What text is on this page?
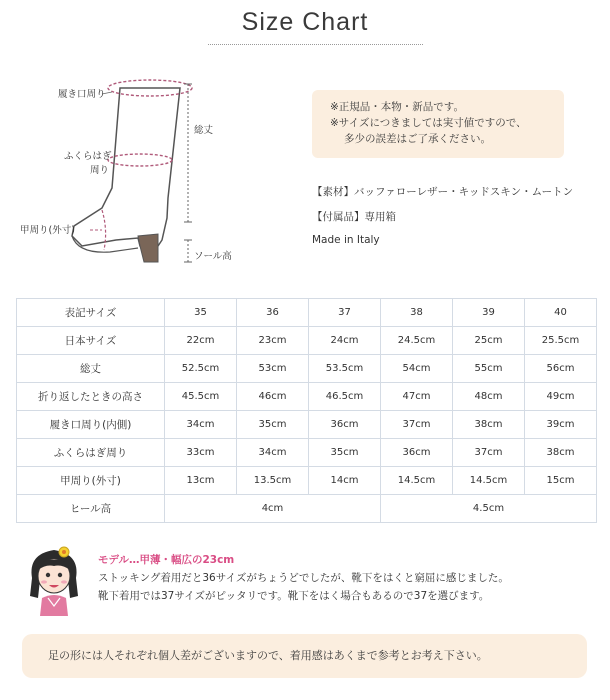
Size Chart
履き口周り
ふくらはぎ
周り
総丈
甲周り(外寸)
ソール高
※正規品・本物・新品です。
※サイズにつきましては実寸値ですので、
多少の誤差はご了承ください。
【素材】バッファローレザー・キッドスキン・ムートン
【付属品】専用箱
Made in Italy
表記サイズ	35	36	37	38	39	40
日本サイズ	22cm	23cm	24cm	24.5cm	25cm	25.5cm
総丈	52.5cm	53cm	53.5cm	54cm	55cm	56cm
折り返したときの高さ	45.5cm	46cm	46.5cm	47cm	48cm	49cm
履き口周り(内側)	34cm	35cm	36cm	37cm	38cm	39cm
ふくらはぎ周り	33cm	34cm	35cm	36cm	37cm	38cm
甲周り(外寸)	13cm	13.5cm	14cm	14.5cm	14.5cm	15cm
ヒール高	4cm			4.5cm		
モデル…甲薄・幅広の23cm
ストッキング着用だと36サイズがちょうどでしたが、靴下をはくと窮屈に感じました。
靴下着用では37サイズがピッタリです。靴下をはく場合もあるので37を選びます。
足の形には人それぞれ個人差がございますので、着用感はあくまで参考とお考え下さい。
